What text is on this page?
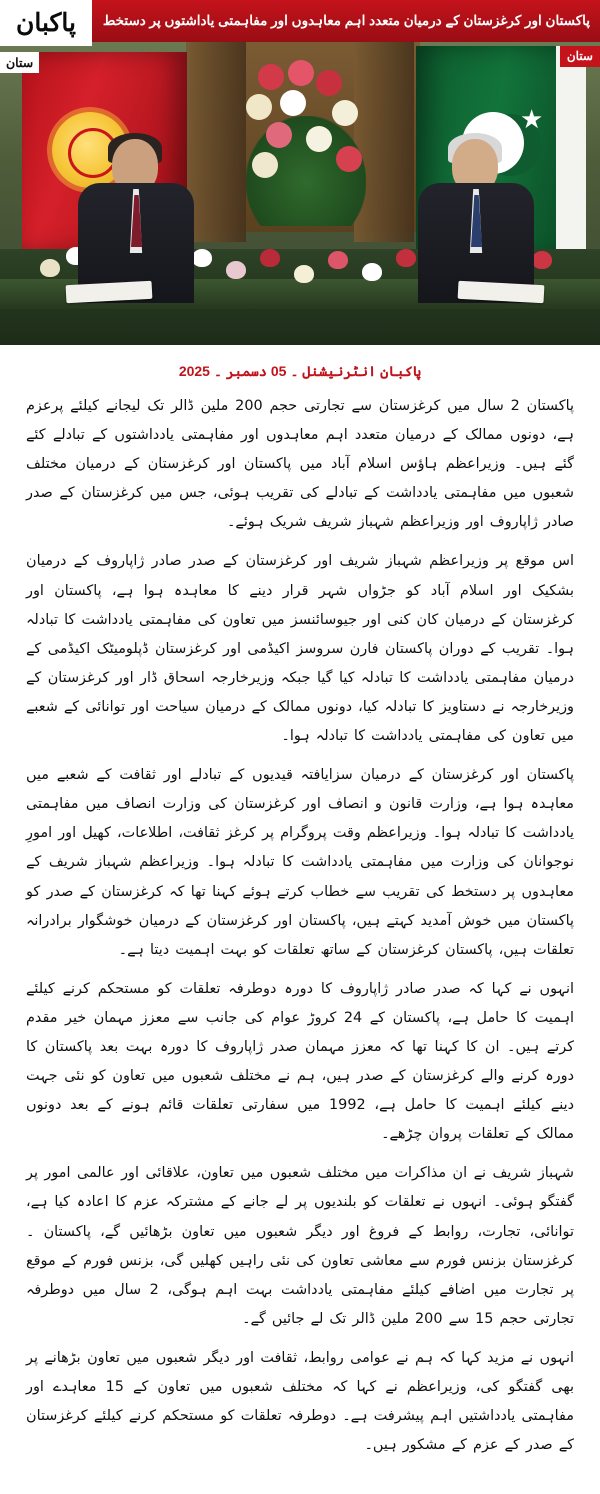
پاکستان اور کرغزستان کے درمیان متعدد اہم معاہدوں اور مفاہمتی یاداشتوں پر دستخط
پاکبان
ستان
★
ستان
پاکبان انٹرنیشنل ۔ 05 دسمبر ۔ 2025

پاکستان 2 سال میں کرغزستان سے تجارتی حجم 200 ملین ڈالر تک لیجانے کیلئے پرعزم ہے، دونوں ممالک کے درمیان متعدد اہم معاہدوں اور مفاہمتی یادداشتوں کے تبادلے کئے گئے ہیں۔ وزیراعظم ہاؤس اسلام آباد میں پاکستان اور کرغزستان کے درمیان مختلف شعبوں میں مفاہمتی یادداشت کے تبادلے کی تقریب ہوئی، جس میں کرغزستان کے صدر صادر ژاپاروف اور وزیراعظم شہباز شریف شریک ہوئے۔

اس موقع پر وزیراعظم شہباز شریف اور کرغزستان کے صدر صادر ژاپاروف کے درمیان بشکیک اور اسلام آباد کو جڑواں شہر قرار دینے کا معاہدہ ہوا ہے، پاکستان اور کرغزستان کے درمیان کان کنی اور جیوسائنسز میں تعاون کی مفاہمتی یادداشت کا تبادلہ ہوا۔ تقریب کے دوران پاکستان فارن سروسز اکیڈمی اور کرغزستان ڈپلومیٹک اکیڈمی کے درمیان مفاہمتی یادداشت کا تبادلہ کیا گیا جبکہ وزیرخارجہ اسحاق ڈار اور کرغزستان کے وزیرخارجہ نے دستاویز کا تبادلہ کیا، دونوں ممالک کے درمیان سیاحت اور توانائی کے شعبے میں تعاون کی مفاہمتی یادداشت کا تبادلہ ہوا۔

پاکستان اور کرغزستان کے درمیان سزایافتہ قیدیوں کے تبادلے اور ثقافت کے شعبے میں معاہدہ ہوا ہے، وزارت قانون و انصاف اور کرغزستان کی وزارت انصاف میں مفاہمتی یادداشت کا تبادلہ ہوا۔ وزیراعظم وقت پروگرام پر کرغز ثقافت، اطلاعات، کھیل اور امورِ نوجوانان کی وزارت میں مفاہمتی یادداشت کا تبادلہ ہوا۔ وزیراعظم شہباز شریف کے معاہدوں پر دستخط کی تقریب سے خطاب کرتے ہوئے کہنا تھا کہ کرغزستان کے صدر کو پاکستان میں خوش آمدید کہتے ہیں، پاکستان اور کرغزستان کے درمیان خوشگوار برادرانہ تعلقات ہیں، پاکستان کرغزستان کے ساتھ تعلقات کو بہت اہمیت دیتا ہے۔

انہوں نے کہا کہ صدر صادر ژاپاروف کا دورہ دوطرفہ تعلقات کو مستحکم کرنے کیلئے اہمیت کا حامل ہے، پاکستان کے 24 کروڑ عوام کی جانب سے معزز مہمان خیر مقدم کرتے ہیں۔ ان کا کہنا تھا کہ معزز مہمان صدر ژاپاروف کا دورہ بہت بعد پاکستان کا دورہ کرنے والے کرغزستان کے صدر ہیں، ہم نے مختلف شعبوں میں تعاون کو نئی جہت دینے کیلئے اہمیت کا حامل ہے، 1992 میں سفارتی تعلقات قائم ہونے کے بعد دونوں ممالک کے تعلقات پروان چڑھے۔

شہباز شریف نے ان مذاکرات میں مختلف شعبوں میں تعاون، علاقائی اور عالمی امور پر گفتگو ہوئی۔ انہوں نے تعلقات کو بلندیوں پر لے جانے کے مشترکہ عزم کا اعادہ کیا ہے، توانائی، تجارت، روابط کے فروغ اور دیگر شعبوں میں تعاون بڑھائیں گے، پاکستان ۔ کرغزستان بزنس فورم سے معاشی تعاون کی نئی راہیں کھلیں گی، بزنس فورم کے موقع پر تجارت میں اضافے کیلئے مفاہمتی یادداشت بہت اہم ہوگی، 2 سال میں دوطرفہ تجارتی حجم 15 سے 200 ملین ڈالر تک لے جائیں گے۔

انہوں نے مزید کہا کہ ہم نے عوامی روابط، ثقافت اور دیگر شعبوں میں تعاون بڑھانے پر بھی گفتگو کی، وزیراعظم نے کہا کہ مختلف شعبوں میں تعاون کے 15 معاہدے اور مفاہمتی یادداشتیں اہم پیشرفت ہے۔ دوطرفہ تعلقات کو مستحکم کرنے کیلئے کرغزستان کے صدر کے عزم کے مشکور ہیں۔
